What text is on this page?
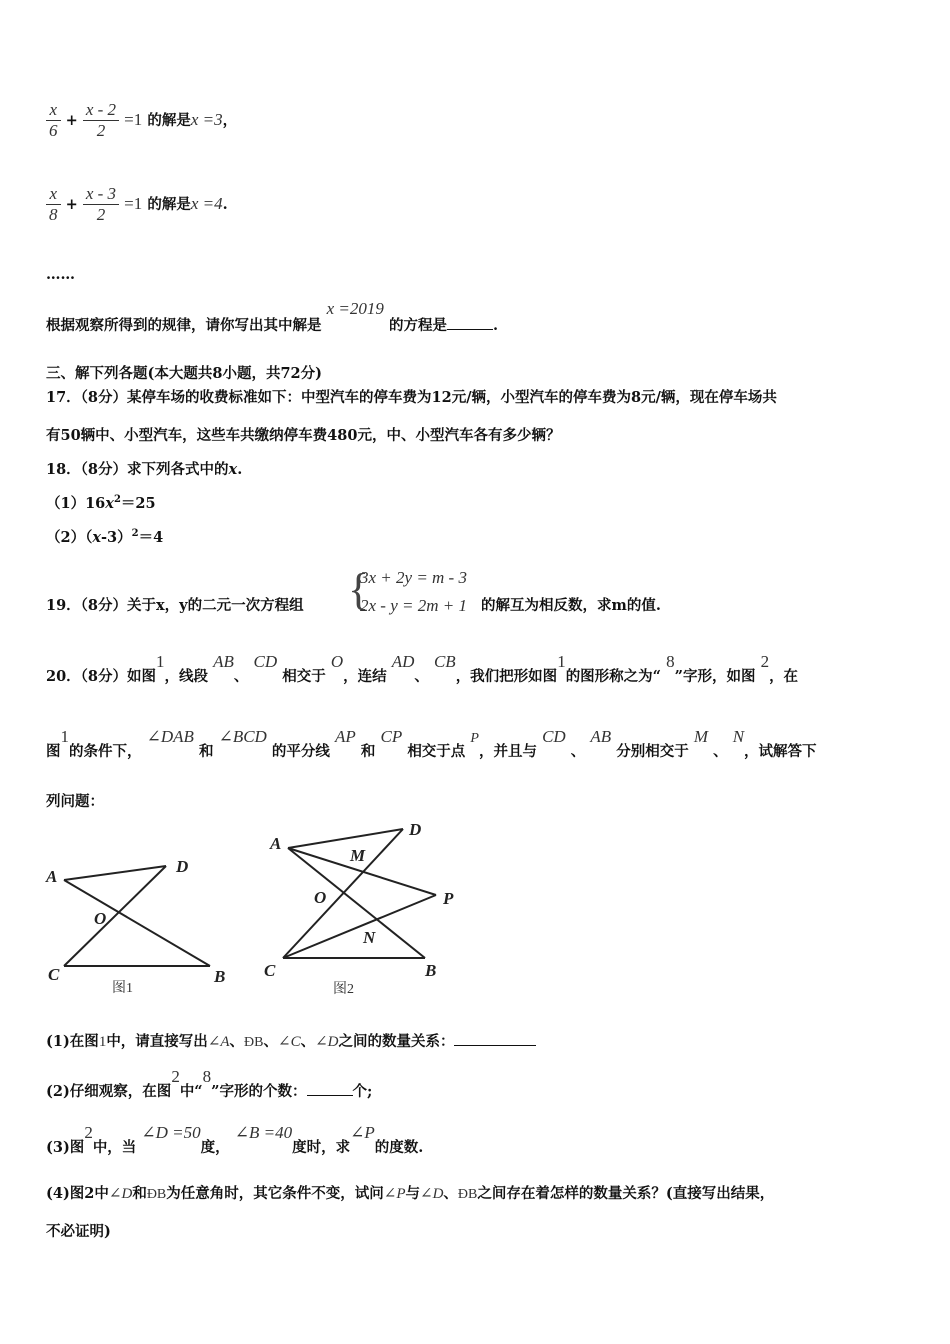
$\frac{x}{6} + \frac{x - 2}{2} =1$ 的解是x =3，
$\frac{x}{8} + \frac{x - 3}{2} =1$ 的解是x =4.
……
根据观察所得到的规律，请你写出其中解是 x =2019 的方程是	.
三、解下列各题(本大题共8小题，共72分)
17．（8分）某停车场的收费标准如下：中型汽车的停车费为12元/辆，小型汽车的停车费为8元/辆，现在停车场共
有50辆中、小型汽车，这些车共缴纳停车费480元，中、小型汽车各有多少辆？
18．（8分）求下列各式中的x.
$(1)16x^2=25$
$(2)(x-3)^2=4$
19．（8分）关于x，y的二元一次方程组 {
3x + 2y = m - 3
2x - y = 2m + 1 的解互为相反数，求m的值.
20．（8分）如图1，线段 AB、 CD 相交于 O，连结 AD、 CB，我们把形如图1的图形称之为“ 8”字形，如图 2，在
图1的条件下， ∠DAB 和 ∠BCD 的平分线 AP 和 CP 相交于点 P，并且与 CD 、 AB 分别相交于 M 、 N，试解答下
列问题：
A
D
O
C	B
图1
A
D
M
O	P
N
C	B
图2
(1)在图1中，请直接写出∠A、ÐB、∠C、∠D之间的数量关系：
(2)仔细观察，在图2中“8”字形的个数：	个;
(3)图2中，当 ∠D =50度， ∠B =40度时，求∠P的度数.
(4)图2中∠D和ÐB为任意角时，其它条件不变，试问∠P与∠D、ÐB之间存在着怎样的数量关系？(直接写出结果，
不必证明)
